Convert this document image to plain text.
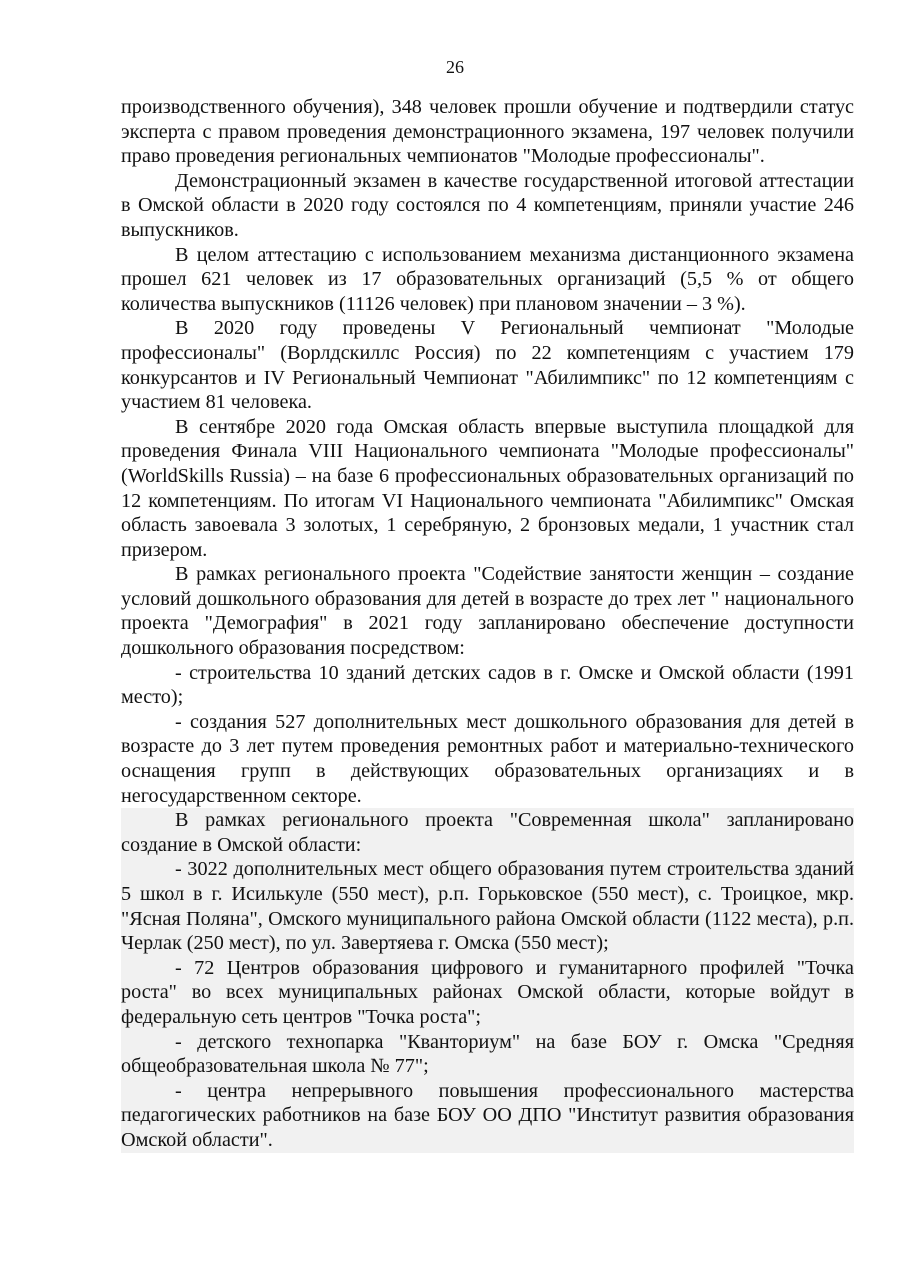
26

производственного обучения), 348 человек прошли обучение и подтвердили статус эксперта с правом проведения демонстрационного экзамена, 197 человек получили право проведения региональных чемпионатов "Молодые профессионалы".

Демонстрационный экзамен в качестве государственной итоговой аттестации в Омской области в 2020 году состоялся по 4 компетенциям, приняли участие 246 выпускников.

В целом аттестацию с использованием механизма дистанционного экзамена прошел 621 человек из 17 образовательных организаций (5,5 % от общего количества выпускников (11126 человек) при плановом значении – 3 %).

В 2020 году проведены V Региональный чемпионат "Молодые профессионалы" (Ворлдскиллс Россия) по 22 компетенциям с участием 179 конкурсантов и IV Региональный Чемпионат "Абилимпикс" по 12 компетенциям с участием 81 человека.

В сентябре 2020 года Омская область впервые выступила площадкой для проведения Финала VIII Национального чемпионата "Молодые профессионалы" (WorldSkills Russia) – на базе 6 профессиональных образовательных организаций по 12 компетенциям. По итогам VI Национального чемпионата "Абилимпикс" Омская область завоевала 3 золотых, 1 серебряную, 2 бронзовых медали, 1 участник стал призером.

В рамках регионального проекта "Содействие занятости женщин – создание условий дошкольного образования для детей в возрасте до трех лет " национального проекта "Демография" в 2021 году запланировано обеспечение доступности дошкольного образования посредством:

- строительства 10 зданий детских садов в г. Омске и Омской области (1991 место);

- создания 527 дополнительных мест дошкольного образования для детей в возрасте до 3 лет путем проведения ремонтных работ и материально-технического оснащения групп в действующих образовательных организациях и в негосударственном секторе.

В рамках регионального проекта "Современная школа" запланировано создание в Омской области:

- 3022 дополнительных мест общего образования путем строительства зданий 5 школ в г. Исилькуле (550 мест), р.п. Горьковское (550 мест), с. Троицкое, мкр. "Ясная Поляна", Омского муниципального района Омской области (1122 места), р.п. Черлак (250 мест), по ул. Завертяева г. Омска (550 мест);

- 72 Центров образования цифрового и гуманитарного профилей "Точка роста" во всех муниципальных районах Омской области, которые войдут в федеральную сеть центров "Точка роста";

- детского технопарка "Кванториум" на базе БОУ г. Омска "Средняя общеобразовательная школа № 77";

- центра непрерывного повышения профессионального мастерства педагогических работников на базе БОУ ОО ДПО "Институт развития образования Омской области".
